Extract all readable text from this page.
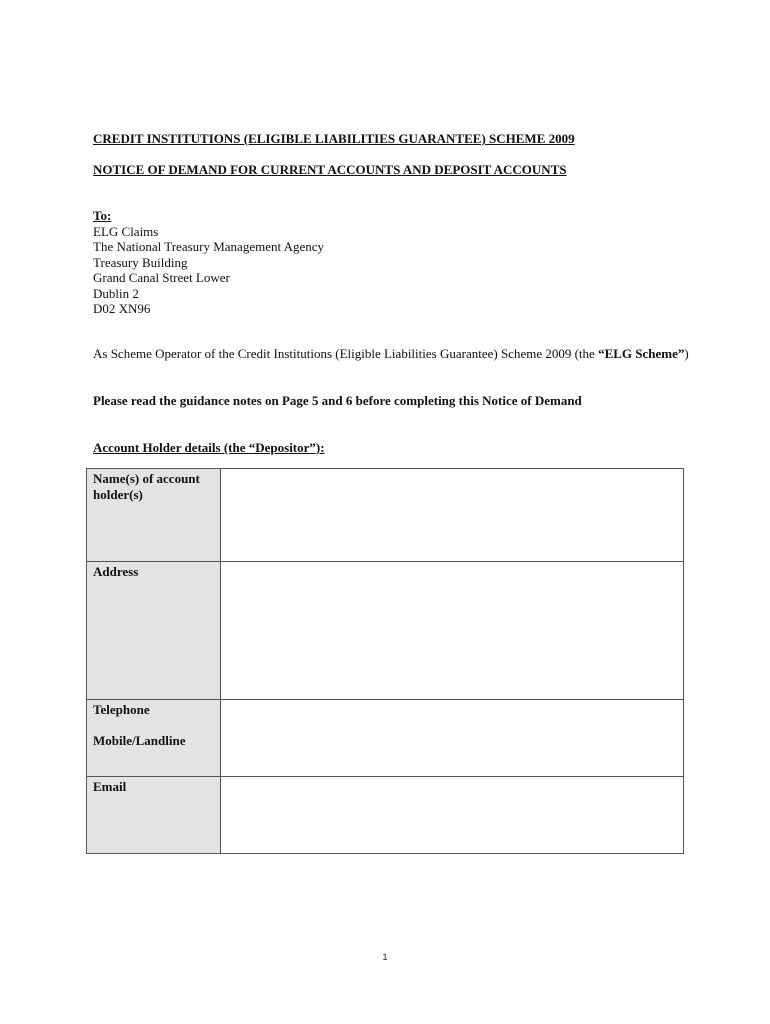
CREDIT INSTITUTIONS (ELIGIBLE LIABILITIES GUARANTEE) SCHEME 2009
NOTICE OF DEMAND FOR CURRENT ACCOUNTS AND DEPOSIT ACCOUNTS
To:
ELG Claims
The National Treasury Management Agency
Treasury Building
Grand Canal Street Lower
Dublin 2
D02 XN96
As Scheme Operator of the Credit Institutions (Eligible Liabilities Guarantee) Scheme 2009 (the “ELG Scheme”)
Please read the guidance notes on Page 5 and 6 before completing this Notice of Demand
Account Holder details (the “Depositor”):
Name(s) of account holder(s)	
Address	
Telephone
Mobile/Landline	

Email	
1
